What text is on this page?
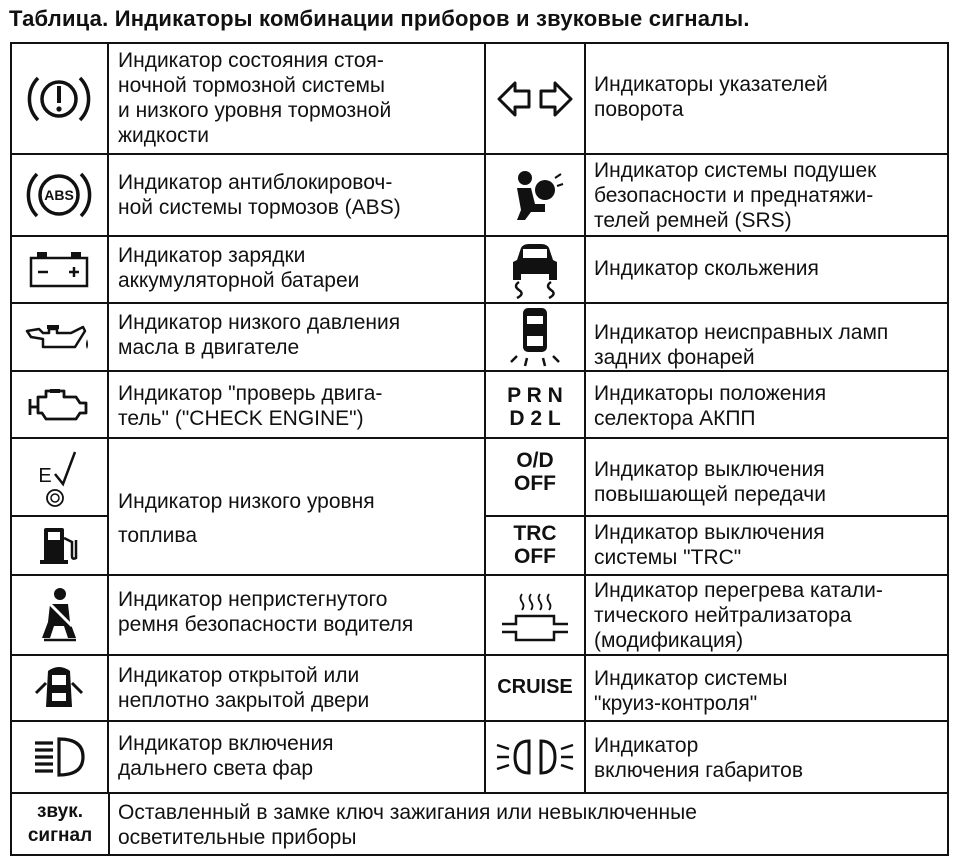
Таблица. Индикаторы комбинации приборов и звуковые сигналы.
Индикатор состояния стоя-
ночной тормозной системы
и низкого уровня тормозной
жидкости
ABS
Индикатор антиблокировоч-
ной системы тормозов (ABS)
Индикатор зарядки
аккумуляторной батареи
Индикатор низкого давления
масла в двигателе
Индикатор "проверь двига-
тель" ("CHECK ENGINE")
E
Индикатор низкого уровня
топлива
Индикатор непристегнутого
ремня безопасности водителя
Индикатор открытой или
неплотно закрытой двери
Индикатор включения
дальнего света фар
Индикаторы указателей
поворота
Индикатор системы подушек
безопасности и преднатяжи-
телей ремней (SRS)
Индикатор скольжения
Индикатор неисправных ламп
задних фонарей
P R N
D 2 L
Индикаторы положения
селектора АКПП
O/D
OFF
Индикатор выключения
повышающей передачи
TRC
OFF
Индикатор выключения
системы "TRC"
Индикатор перегрева катали-
тического нейтрализатора
(модификация)
CRUISE	Индикатор системы
"круиз-контроля"
Индикатор
включения габаритов
звук.
сигнал
Оставленный в замке ключ зажигания или невыключенные
осветительные приборы
